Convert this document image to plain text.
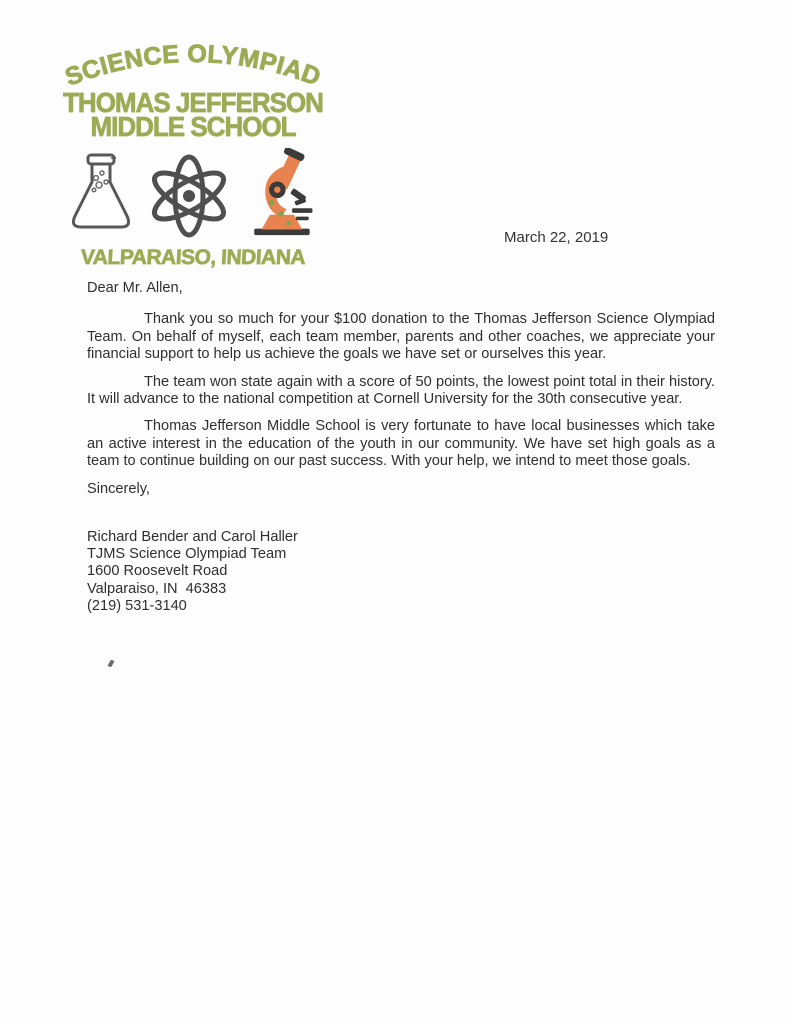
SCIENCE OLYMPIAD
THOMAS JEFFERSON
MIDDLE SCHOOL
VALPARAISO, INDIANA
March 22, 2019

Dear Mr. Allen,

Thank you so much for your $100 donation to the Thomas Jefferson Science Olympiad Team. On behalf of myself, each team member, parents and other coaches, we appreciate your financial support to help us achieve the goals we have set or ourselves this year.

The team won state again with a score of 50 points, the lowest point total in their history. It will advance to the national competition at Cornell University for the 30th consecutive year.

Thomas Jefferson Middle School is very fortunate to have local businesses which take an active interest in the education of the youth in our community. We have set high goals as a team to continue building on our past success. With your help, we intend to meet those goals.

Sincerely,

Richard Bender and Carol Haller

TJMS Science Olympiad Team

1600 Roosevelt Road

Valparaiso, IN  46383

(219) 531-3140
